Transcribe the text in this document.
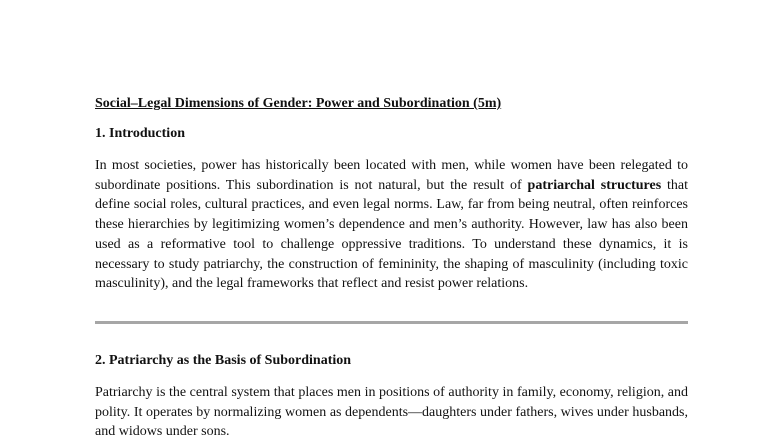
Social–Legal Dimensions of Gender: Power and Subordination (5m)

1. Introduction

In most societies, power has historically been located with men, while women have been relegated to subordinate positions. This subordination is not natural, but the result of patriarchal structures that define social roles, cultural practices, and even legal norms. Law, far from being neutral, often reinforces these hierarchies by legitimizing women’s dependence and men’s authority. However, law has also been used as a reformative tool to challenge oppressive traditions. To understand these dynamics, it is necessary to study patriarchy, the construction of femininity, the shaping of masculinity (including toxic masculinity), and the legal frameworks that reflect and resist power relations.

2. Patriarchy as the Basis of Subordination

Patriarchy is the central system that places men in positions of authority in family, economy, religion, and polity. It operates by normalizing women as dependents—daughters under fathers, wives under husbands, and widows under sons.
